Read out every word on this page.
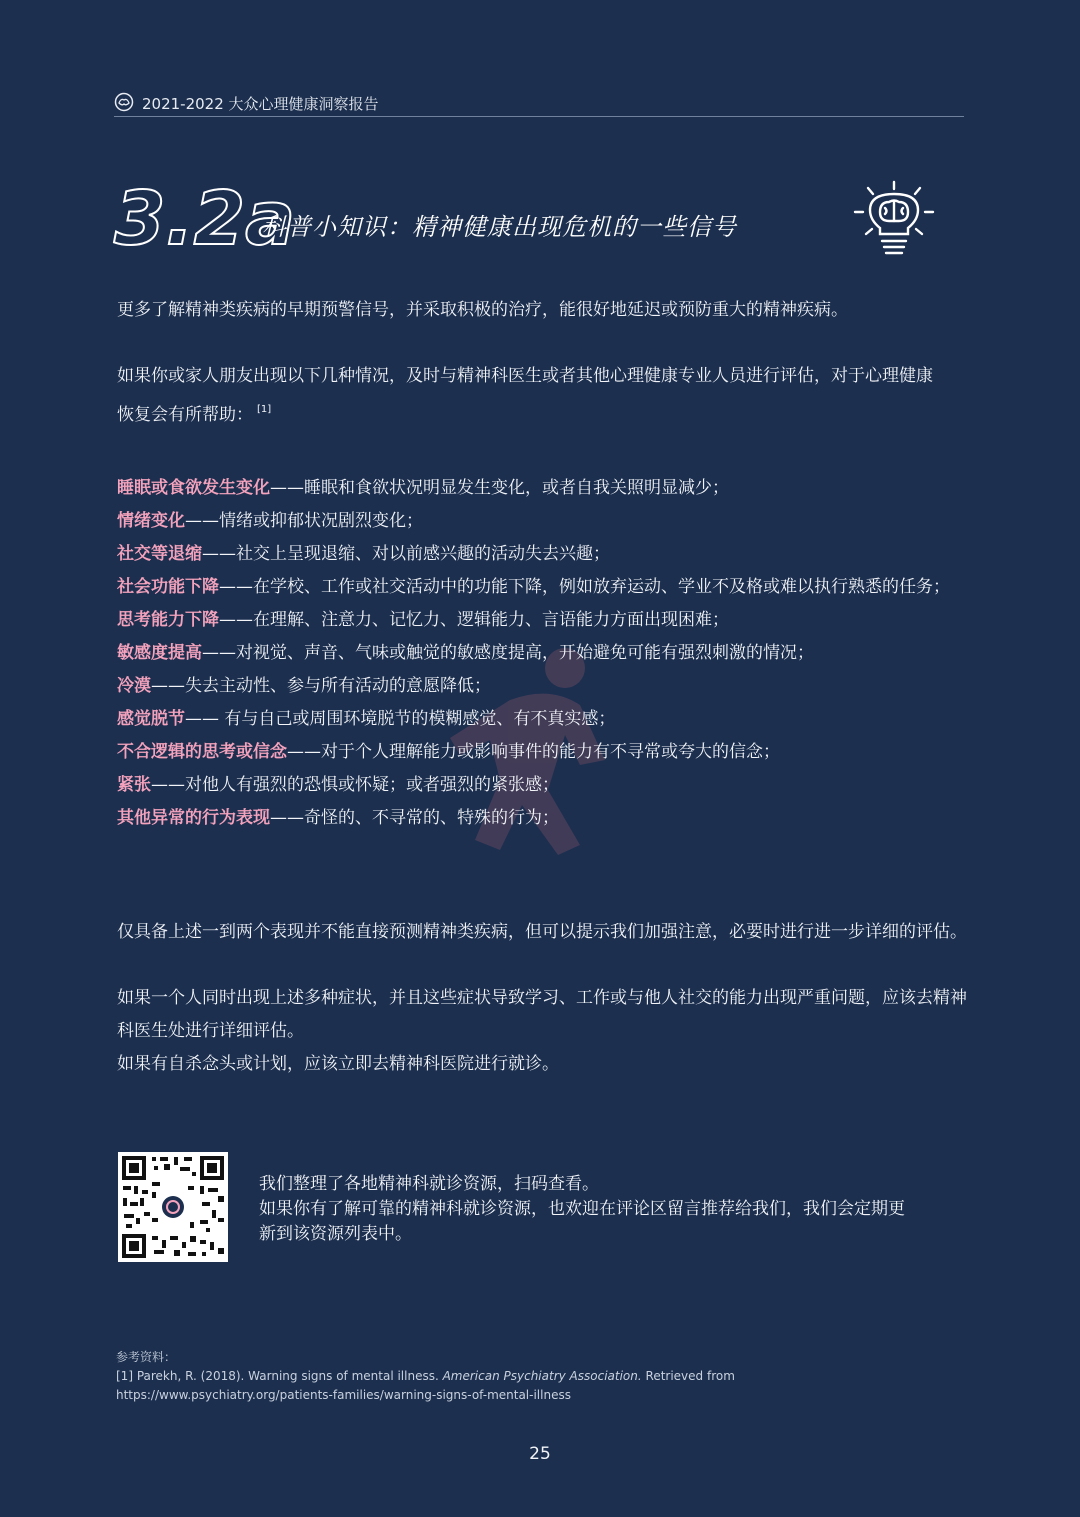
2021-2022 大众心理健康洞察报告
3.2a
科普小知识：精神健康出现危机的一些信号
更多了解精神类疾病的早期预警信号，并采取积极的治疗，能很好地延迟或预防重大的精神疾病。
如果你或家人朋友出现以下几种情况，及时与精神科医生或者其他心理健康专业人员进行评估，对于心理健康恢复会有所帮助： [1]
睡眠或食欲发生变化——睡眠和食欲状况明显发生变化，或者自我关照明显减少；
情绪变化——情绪或抑郁状况剧烈变化；
社交等退缩——社交上呈现退缩、对以前感兴趣的活动失去兴趣；
社会功能下降——在学校、工作或社交活动中的功能下降，例如放弃运动、学业不及格或难以执行熟悉的任务；
思考能力下降——在理解、注意力、记忆力、逻辑能力、言语能力方面出现困难；
敏感度提高——对视觉、声音、气味或触觉的敏感度提高，开始避免可能有强烈刺激的情况；
冷漠——失去主动性、参与所有活动的意愿降低；
感觉脱节—— 有与自己或周围环境脱节的模糊感觉、有不真实感；
不合逻辑的思考或信念——对于个人理解能力或影响事件的能力有不寻常或夸大的信念；
紧张——对他人有强烈的恐惧或怀疑；或者强烈的紧张感；
其他异常的行为表现——奇怪的、不寻常的、特殊的行为；
仅具备上述一到两个表现并不能直接预测精神类疾病，但可以提示我们加强注意，必要时进行进一步详细的评估。
如果一个人同时出现上述多种症状，并且这些症状导致学习、工作或与他人社交的能力出现严重问题，应该去精神科医生处进行详细评估。
如果有自杀念头或计划，应该立即去精神科医院进行就诊。
我们整理了各地精神科就诊资源，扫码查看。
如果你有了解可靠的精神科就诊资源，也欢迎在评论区留言推荐给我们，我们会定期更新到该资源列表中。
参考资料：
[1] Parekh, R. (2018). Warning signs of mental illness. American Psychiatry Association. Retrieved from https://www.psychiatry.org/patients-families/warning-signs-of-mental-illness
25
